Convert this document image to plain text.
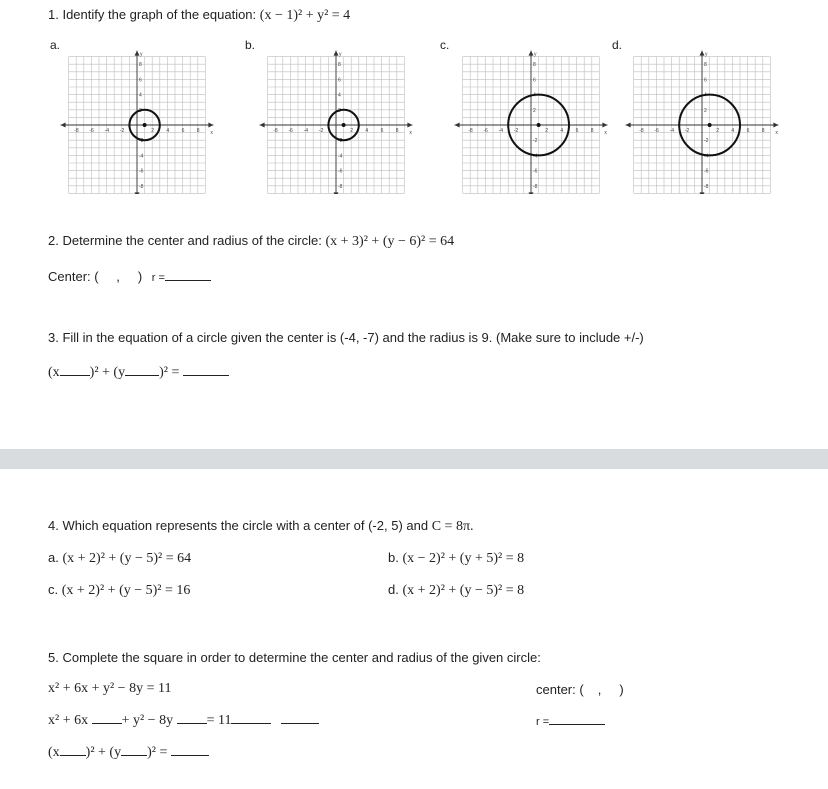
1. Identify the graph of the equation: (x − 1)² + y² = 4
a.	b.	c.	d.
x
y
-8	8
8
-8
-6	6
6
-6
-4	4
4
-4
-2	2
2
-2
x
y
-8	8
8
-8
-6	6
6
-6
-4	4
4
-4
-2	2
2
-2
x
y
-8	8
8
-8
-6	6
6
-6
-4	4
4
-4
-2	2
2
-2
x
y
-8	8
8
-8
-6	6
6
-6
-4	4
4
-4
-2	2
2
-2
2. Determine the center and radius of the circle: (x + 3)² + (y − 6)² = 64
Center: ( , ) r =
3. Fill in the equation of a circle given the center is (-4, -7) and the radius is 9. (Make sure to include +/-)
(x )² + (y )² =
4. Which equation represents the circle with a center of (-2, 5) and C = 8π.
a. (x + 2)² + (y − 5)² = 64	b. (x − 2)² + (y + 5)² = 8
c. (x + 2)² + (y − 5)² = 16	d. (x + 2)² + (y − 5)² = 8
5. Complete the square in order to determine the center and radius of the given circle:
x² + 6x + y² − 8y = 11	center: ( , )
x² + 6x + y² − 8y = 11	r =
(x )² + (y )² =
